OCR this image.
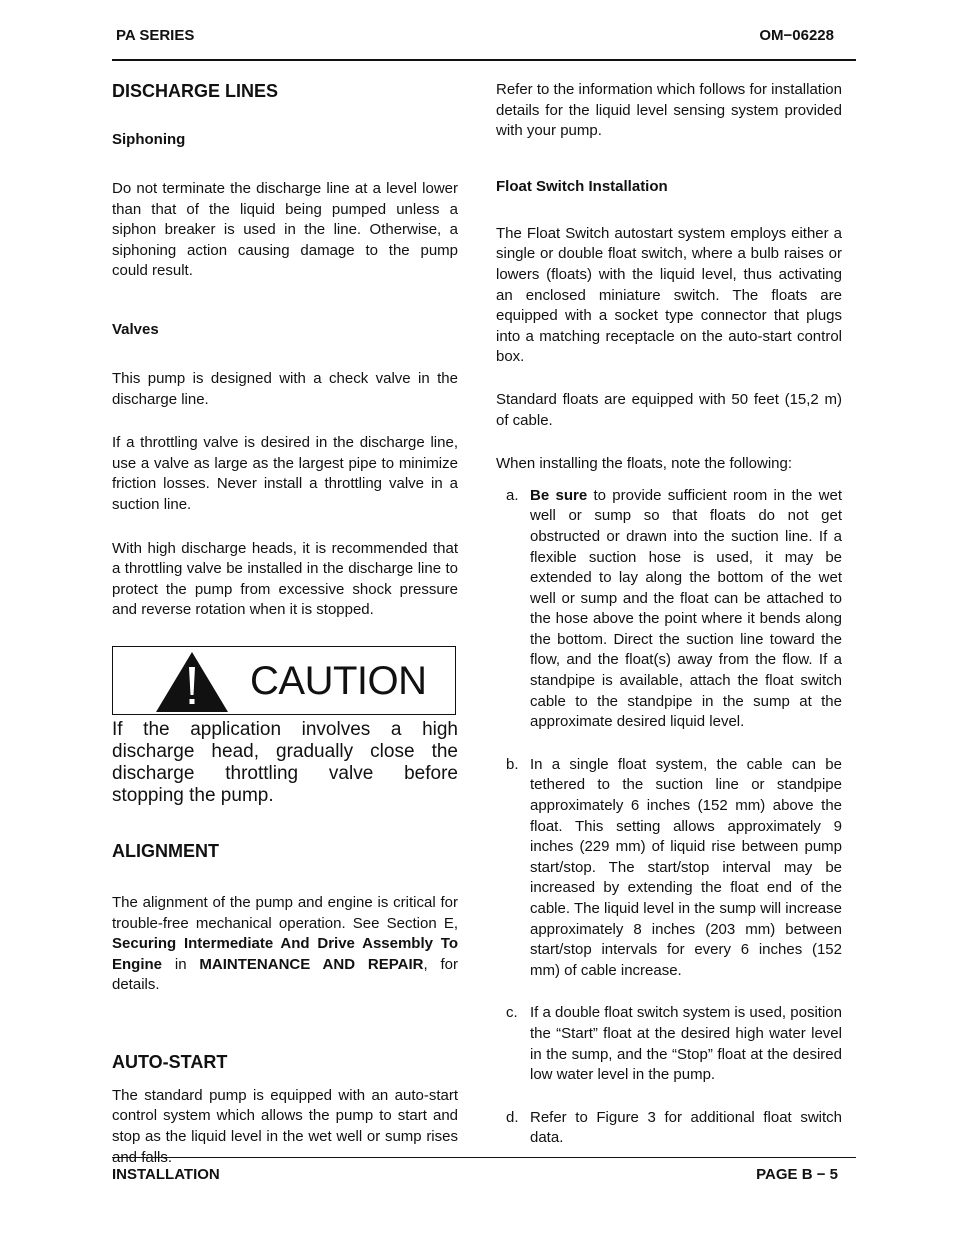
PA SERIES	OM−06228
DISCHARGE LINES
Siphoning

Do not terminate the discharge line at a level lower than that of the liquid being pumped unless a siphon breaker is used in the line. Otherwise, a siphoning action causing damage to the pump could result.

Valves

This pump is designed with a check valve in the discharge line.

If a throttling valve is desired in the discharge line, use a valve as large as the largest pipe to minimize friction losses. Never install a throttling valve in a suction line.

With high discharge heads, it is recommended that a throttling valve be installed in the discharge line to protect the pump from excessive shock pressure and reverse rotation when it is stopped.

CAUTION
If the application involves a high discharge head, gradually close the discharge throttling valve before stopping the pump.
ALIGNMENT

The alignment of the pump and engine is critical for trouble-free mechanical operation. See Section E, Securing Intermediate And Drive Assembly To Engine in MAINTENANCE AND REPAIR, for details.

AUTO-START

The standard pump is equipped with an auto-start control system which allows the pump to start and stop as the liquid level in the wet well or sump rises and falls.

Refer to the information which follows for installation details for the liquid level sensing system provided with your pump.

Float Switch Installation

The Float Switch autostart system employs either a single or double float switch, where a bulb raises or lowers (floats) with the liquid level, thus activating an enclosed miniature switch. The floats are equipped with a socket type connector that plugs into a matching receptacle on the auto-start control box.

Standard floats are equipped with 50 feet (15,2 m) of cable.

When installing the floats, note the following:

a. Be sure to provide sufficient room in the wet well or sump so that floats do not get obstructed or drawn into the suction line. If a flexible suction hose is used, it may be extended to lay along the bottom of the wet well or sump and the float can be attached to the hose above the point where it bends along the bottom. Direct the suction line toward the flow, and the float(s) away from the flow. If a standpipe is available, attach the float switch cable to the standpipe in the sump at the approximate desired liquid level.

b. In a single float system, the cable can be tethered to the suction line or standpipe approximately 6 inches (152 mm) above the float. This setting allows approximately 9 inches (229 mm) of liquid rise between pump start/stop. The start/stop interval may be increased by extending the float end of the cable. The liquid level in the sump will increase approximately 8 inches (203 mm) between start/stop intervals for every 6 inches (152 mm) of cable increase.

c. If a double float switch system is used, position the “Start” float at the desired high water level in the sump, and the “Stop” float at the desired low water level in the pump.

d. Refer to Figure 3 for additional float switch data.

INSTALLATION	PAGE B − 5
